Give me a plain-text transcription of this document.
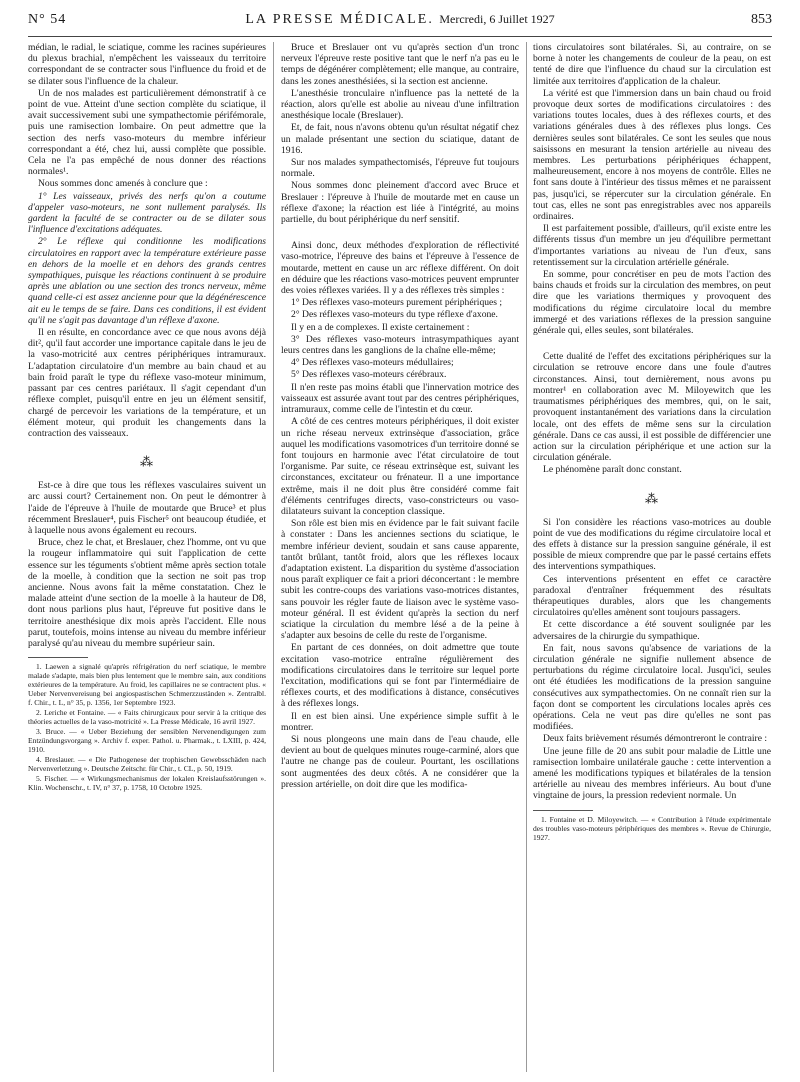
N° 54	LA PRESSE MÉDICALE. Mercredi, 6 Juillet 1927	853

médian, le radial, le sciatique, comme les racines supérieures du plexus brachial, n'empêchent les vaisseaux du territoire correspondant de se contracter sous l'influence du froid et de se dilater sous l'influence de la chaleur.

Un de nos malades est particulièrement démonstratif à ce point de vue. Atteint d'une section complète du sciatique, il avait successivement subi une sympathectomie périfémorale, puis une ramisection lombaire. On peut admettre que la section des nerfs vaso-moteurs du membre inférieur correspondant a été, chez lui, aussi complète que possible. Cela ne l'a pas empêché de nous donner des réactions normales¹.

Nous sommes donc amenés à conclure que :

1° Les vaisseaux, privés des nerfs qu'on a coutume d'appeler vaso-moteurs, ne sont nullement paralysés. Ils gardent la faculté de se contracter ou de se dilater sous l'influence d'excitations adéquates.

2° Le réflexe qui conditionne les modifications circulatoires en rapport avec la température extérieure passe en dehors de la moelle et en dehors des grands centres sympathiques, puisque les réactions continuent à se produire après une ablation ou une section des troncs nerveux, même quand celle-ci est assez ancienne pour que la dégénérescence ait eu le temps de se faire. Dans ces conditions, il est évident qu'il ne s'agit pas davantage d'un réflexe d'axone.

Il en résulte, en concordance avec ce que nous avons déjà dit², qu'il faut accorder une importance capitale dans le jeu de la vaso-motricité aux centres périphériques intramuraux. L'adaptation circulatoire d'un membre au bain chaud et au bain froid paraît le type du réflexe vaso-moteur minimum, passant par ces centres pariétaux. Il s'agit cependant d'un réflexe complet, puisqu'il entre en jeu un élément sensitif, chargé de percevoir les variations de la température, et un élément moteur, qui produit les changements dans la contraction des vaisseaux.

⁂

Est-ce à dire que tous les réflexes vasculaires suivent un arc aussi court? Certainement non. On peut le démontrer à l'aide de l'épreuve à l'huile de moutarde que Bruce³ et plus récemment Breslauer⁴, puis Fischer⁵ ont beaucoup étudiée, et à laquelle nous avons également eu recours.

Bruce, chez le chat, et Breslauer, chez l'homme, ont vu que la rougeur inflammatoire qui suit l'application de cette essence sur les téguments s'obtient même après section totale de la moelle, à condition que la section ne soit pas trop ancienne. Nous avons fait la même constatation. Chez le malade atteint d'une section de la moelle à la hauteur de D8, dont nous parlions plus haut, l'épreuve fut positive dans le territoire anesthésique dix mois après l'accident. Elle nous parut, toutefois, moins intense au niveau du membre inférieur paralysé qu'au niveau du membre supérieur sain.

1. Laewen a signalé qu'après réfrigération du nerf sciatique, le membre malade s'adapte, mais bien plus lentement que le membre sain, aux conditions extérieures de la température. Au froid, les capillaires ne se contractent plus. « Ueber Nervenvereisung bei angiospastischen Schmerzzuständen ». Zentralbl. f. Chir., t. L, n° 35, p. 1356, 1er Septembre 1923.

2. Leriche et Fontaine. — « Faits chirurgicaux pour servir à la critique des théories actuelles de la vaso-motricité ». La Presse Médicale, 16 avril 1927.

3. Bruce. — « Ueber Beziehung der sensiblen Nervenendigungen zum Entzündungsvorgang ». Archiv f. exper. Pathol. u. Pharmak., t. LXIII, p. 424, 1910.

4. Breslauer. — « Die Pathogenese der trophischen Gewebsschäden nach Nervenverletzung ». Deutsche Zeitschr. für Chir., t. CL, p. 50, 1919.

5. Fischer. — « Wirkungsmechanismus der lokalen Kreislaufsstörungen ». Klin. Wochenschr., t. IV, n° 37, p. 1758, 10 Octobre 1925.

Bruce et Breslauer ont vu qu'après section d'un tronc nerveux l'épreuve reste positive tant que le nerf n'a pas eu le temps de dégénérer complètement; elle manque, au contraire, dans les zones anesthésiées, si la section est ancienne.

L'anesthésie tronculaire n'influence pas la netteté de la réaction, alors qu'elle est abolie au niveau d'une infiltration anesthésique locale (Breslauer).

Et, de fait, nous n'avons obtenu qu'un résultat négatif chez un malade présentant une section du sciatique, datant de 1916.

Sur nos malades sympathectomisés, l'épreuve fut toujours normale.

Nous sommes donc pleinement d'accord avec Bruce et Breslauer : l'épreuve à l'huile de moutarde met en cause un réflexe d'axone; la réaction est liée à l'intégrité, au moins partielle, du bout périphérique du nerf sensitif.

Ainsi donc, deux méthodes d'exploration de réflectivité vaso-motrice, l'épreuve des bains et l'épreuve à l'essence de moutarde, mettent en cause un arc réflexe différent. On doit en déduire que les réactions vaso-motrices peuvent emprunter des voies réflexes variées. Il y a des réflexes très simples :

1° Des réflexes vaso-moteurs purement périphériques ;

2° Des réflexes vaso-moteurs du type réflexe d'axone.

Il y en a de complexes. Il existe certainement :

3° Des réflexes vaso-moteurs intrasympathiques ayant leurs centres dans les ganglions de la chaîne elle-même;

4° Des réflexes vaso-moteurs médullaires;

5° Des réflexes vaso-moteurs cérébraux.

Il n'en reste pas moins établi que l'innervation motrice des vaisseaux est assurée avant tout par des centres périphériques, intramuraux, comme celle de l'intestin et du cœur.

A côté de ces centres moteurs périphériques, il doit exister un riche réseau nerveux extrinsèque d'association, grâce auquel les modifications vasomotrices d'un territoire donné se font toujours en harmonie avec l'état circulatoire de tout l'organisme. Par suite, ce réseau extrinsèque est, suivant les circonstances, excitateur ou frénateur. Il a une importance extrême, mais il ne doit plus être considéré comme fait d'éléments centrifuges directs, vaso-constricteurs ou vaso-dilatateurs suivant la conception classique.

Son rôle est bien mis en évidence par le fait suivant facile à constater : Dans les anciennes sections du sciatique, le membre inférieur devient, soudain et sans cause apparente, tantôt brûlant, tantôt froid, alors que les réflexes locaux d'adaptation existent. La disparition du système d'association nous paraît expliquer ce fait a priori déconcertant : le membre subit les contre-coups des variations vaso-motrices distantes, sans pouvoir les régler faute de liaison avec le système vaso-moteur général. Il est évident qu'après la section du nerf sciatique la circulation du membre lésé a de la peine à s'adapter aux besoins de celle du reste de l'organisme.

En partant de ces données, on doit admettre que toute excitation vaso-motrice entraîne régulièrement des modifications circulatoires dans le territoire sur lequel porte l'excitation, modifications qui se font par l'intermédiaire de réflexes courts, et des modifications à distance, consécutives à des réflexes longs.

Il en est bien ainsi. Une expérience simple suffit à le montrer.

Si nous plongeons une main dans de l'eau chaude, elle devient au bout de quelques minutes rouge-carminé, alors que l'autre ne change pas de couleur. Pourtant, les oscillations sont augmentées des deux côtés. A ne considérer que la pression artérielle, on doit dire que les modifica-

tions circulatoires sont bilatérales. Si, au contraire, on se borne à noter les changements de couleur de la peau, on est tenté de dire que l'influence du chaud sur la circulation est limitée aux territoires d'application de la chaleur.

La vérité est que l'immersion dans un bain chaud ou froid provoque deux sortes de modifications circulatoires : des variations toutes locales, dues à des réflexes courts, et des variations générales dues à des réflexes plus longs. Ces dernières seules sont bilatérales. Ce sont les seules que nous saisissons en mesurant la tension artérielle au niveau des membres. Les perturbations périphériques échappent, malheureusement, encore à nos moyens de contrôle. Elles ne font sans doute à l'intérieur des tissus mêmes et ne paraissent pas, jusqu'ici, se répercuter sur la circulation générale. En tout cas, elles ne sont pas enregistrables avec nos appareils ordinaires.

Il est parfaitement possible, d'ailleurs, qu'il existe entre les différents tissus d'un membre un jeu d'équilibre permettant d'importantes variations au niveau de l'un d'eux, sans retentissement sur la circulation artérielle générale.

En somme, pour concrétiser en peu de mots l'action des bains chauds et froids sur la circulation des membres, on peut dire que les variations thermiques y provoquent des modifications du régime circulatoire local du membre immergé et des variations réflexes de la pression sanguine générale qui, elles seules, sont bilatérales.

Cette dualité de l'effet des excitations périphériques sur la circulation se retrouve encore dans une foule d'autres circonstances. Ainsi, tout dernièrement, nous avons pu montrer¹ en collaboration avec M. Miloyewitch que les traumatismes périphériques des membres, qui, on le sait, provoquent instantanément des variations dans la circulation locale, ont des effets de même sens sur la circulation générale. Dans ce cas aussi, il est possible de différencier une action sur la circulation périphérique et une action sur la circulation générale.

Le phénomène paraît donc constant.

⁂

Si l'on considère les réactions vaso-motrices au double point de vue des modifications du régime circulatoire local et des effets à distance sur la pression sanguine générale, il est possible de mieux comprendre que par le passé certains effets des interventions sympathiques.

Ces interventions présentent en effet ce caractère paradoxal d'entraîner fréquemment des résultats thérapeutiques durables, alors que les changements circulatoires qu'elles amènent sont toujours passagers.

Et cette discordance a été souvent soulignée par les adversaires de la chirurgie du sympathique.

En fait, nous savons qu'absence de variations de la circulation générale ne signifie nullement absence de perturbations du régime circulatoire local. Jusqu'ici, seules ont été étudiées les modifications de la pression sanguine consécutives aux sympathectomies. On ne connaît rien sur la façon dont se comportent les circulations locales après ces opérations. Cela ne veut pas dire qu'elles ne sont pas modifiées.

Deux faits brièvement résumés démontreront le contraire :

Une jeune fille de 20 ans subit pour maladie de Little une ramisection lombaire unilatérale gauche : cette intervention a amené les modifications typiques et bilatérales de la tension artérielle au niveau des membres inférieurs. Au bout d'une vingtaine de jours, la pression redevient normale. Un

1. Fontaine et D. Miloyewitch. — « Contribution à l'étude expérimentale des troubles vaso-moteurs périphériques des membres ». Revue de Chirurgie, 1927.
